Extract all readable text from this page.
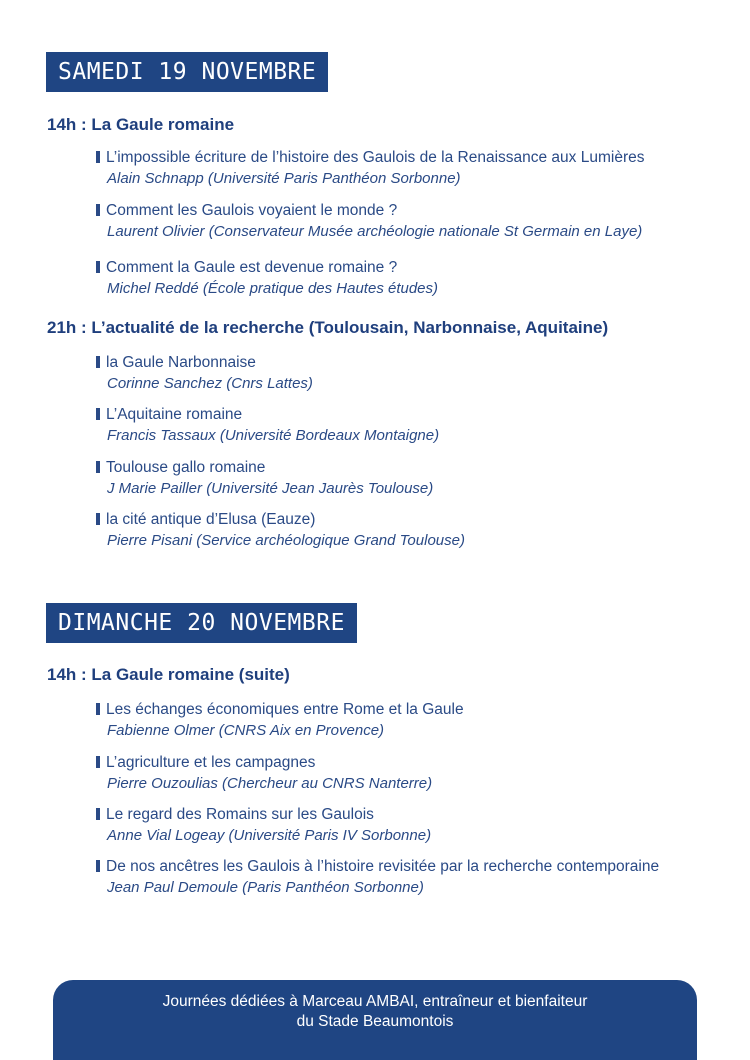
SAMEDI 19 NOVEMBRE
14h : La Gaule romaine
L’impossible écriture de l’histoire des Gaulois de la Renaissance aux Lumières
Alain Schnapp (Université Paris Panthéon Sorbonne)
Comment les Gaulois voyaient le monde ?
Laurent Olivier (Conservateur Musée archéologie nationale St Germain en Laye)
Comment la Gaule est devenue romaine ?
Michel Reddé (École pratique des Hautes études)
21h : L’actualité de la recherche (Toulousain, Narbonnaise, Aquitaine)
la Gaule Narbonnaise
Corinne Sanchez (Cnrs Lattes)
L’Aquitaine romaine
Francis Tassaux (Université Bordeaux Montaigne)
Toulouse gallo romaine
J Marie Pailler (Université Jean Jaurès Toulouse)
la cité antique d’Elusa (Eauze)
Pierre Pisani (Service archéologique Grand Toulouse)
DIMANCHE 20 NOVEMBRE
14h : La Gaule romaine (suite)
Les échanges économiques entre Rome et la Gaule
Fabienne Olmer (CNRS Aix en Provence)
L’agriculture et les campagnes
Pierre Ouzoulias (Chercheur au CNRS Nanterre)
Le regard des Romains sur les Gaulois
Anne Vial Logeay (Université Paris IV Sorbonne)
De nos ancêtres les Gaulois à l’histoire revisitée par la recherche contemporaine
Jean Paul Demoule (Paris Panthéon Sorbonne)
Journées dédiées à Marceau AMBAI, entraîneur et bienfaiteur
du Stade Beaumontois
